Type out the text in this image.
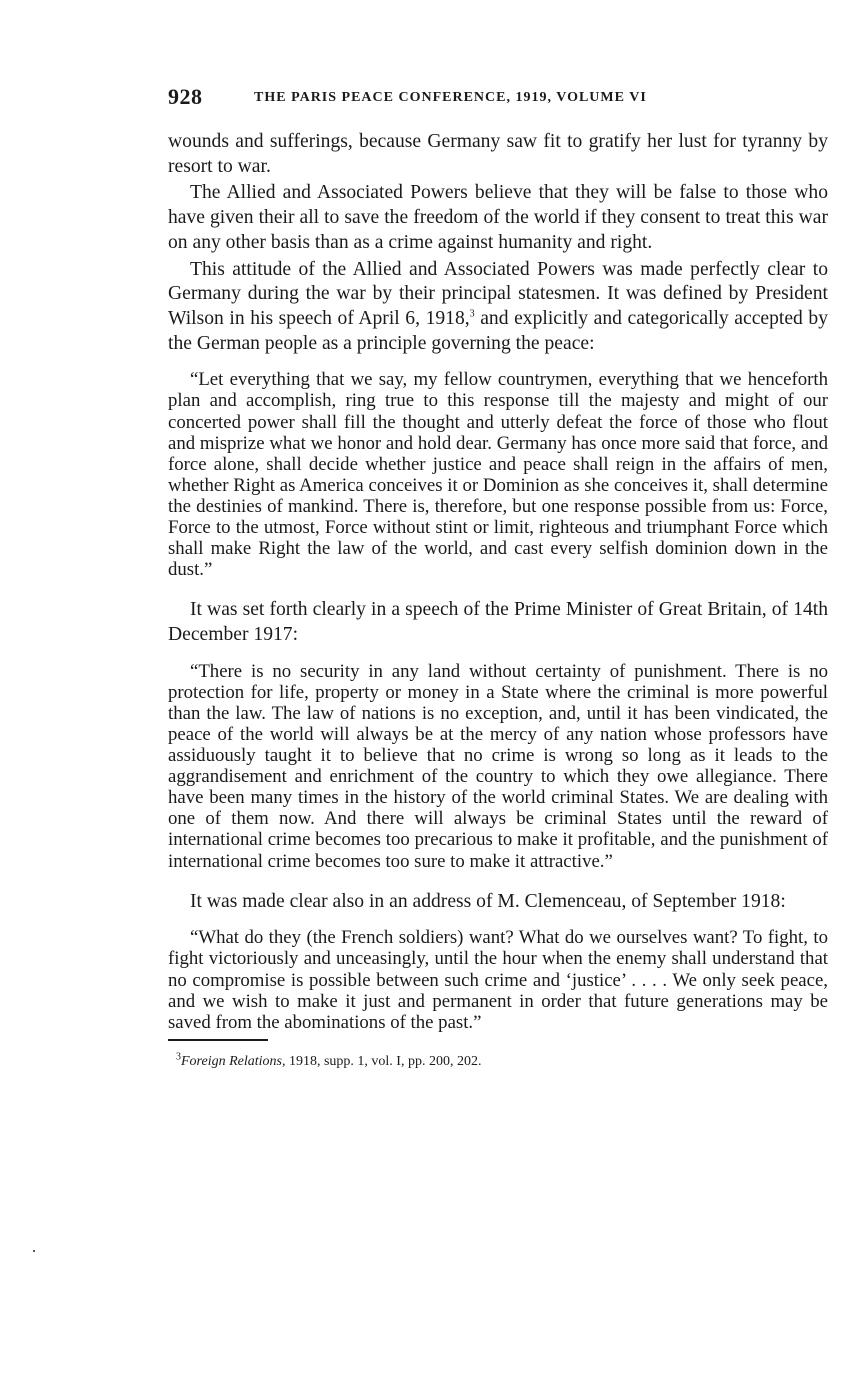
928	THE PARIS PEACE CONFERENCE, 1919, VOLUME VI

wounds and sufferings, because Germany saw fit to gratify her lust for tyranny by resort to war.

The Allied and Associated Powers believe that they will be false to those who have given their all to save the freedom of the world if they consent to treat this war on any other basis than as a crime against humanity and right.

This attitude of the Allied and Associated Powers was made perfectly clear to Germany during the war by their principal statesmen. It was defined by President Wilson in his speech of April 6, 1918,$^3$ and explicitly and categorically accepted by the German people as a principle governing the peace:

“Let everything that we say, my fellow countrymen, everything that we henceforth plan and accomplish, ring true to this response till the majesty and might of our concerted power shall fill the thought and utterly defeat the force of those who flout and misprize what we honor and hold dear. Germany has once more said that force, and force alone, shall decide whether justice and peace shall reign in the affairs of men, whether Right as America conceives it or Dominion as she conceives it, shall determine the destinies of mankind. There is, therefore, but one response possible from us: Force, Force to the utmost, Force without stint or limit, righteous and triumphant Force which shall make Right the law of the world, and cast every selfish dominion down in the dust.”

It was set forth clearly in a speech of the Prime Minister of Great Britain, of 14th December 1917:

“There is no security in any land without certainty of punishment. There is no protection for life, property or money in a State where the criminal is more powerful than the law. The law of nations is no exception, and, until it has been vindicated, the peace of the world will always be at the mercy of any nation whose professors have assiduously taught it to believe that no crime is wrong so long as it leads to the aggrandisement and enrichment of the country to which they owe allegiance. There have been many times in the history of the world criminal States. We are dealing with one of them now. And there will always be criminal States until the reward of international crime becomes too precarious to make it profitable, and the punishment of international crime becomes too sure to make it attractive.”

It was made clear also in an address of M. Clemenceau, of September 1918:

“What do they (the French soldiers) want? What do we ourselves want? To fight, to fight victoriously and unceasingly, until the hour when the enemy shall understand that no compromise is possible between such crime and ‘justice’ . . . . We only seek peace, and we wish to make it just and permanent in order that future generations may be saved from the abominations of the past.”

$^3$Foreign Relations, 1918, supp. 1, vol. I, pp. 200, 202.
